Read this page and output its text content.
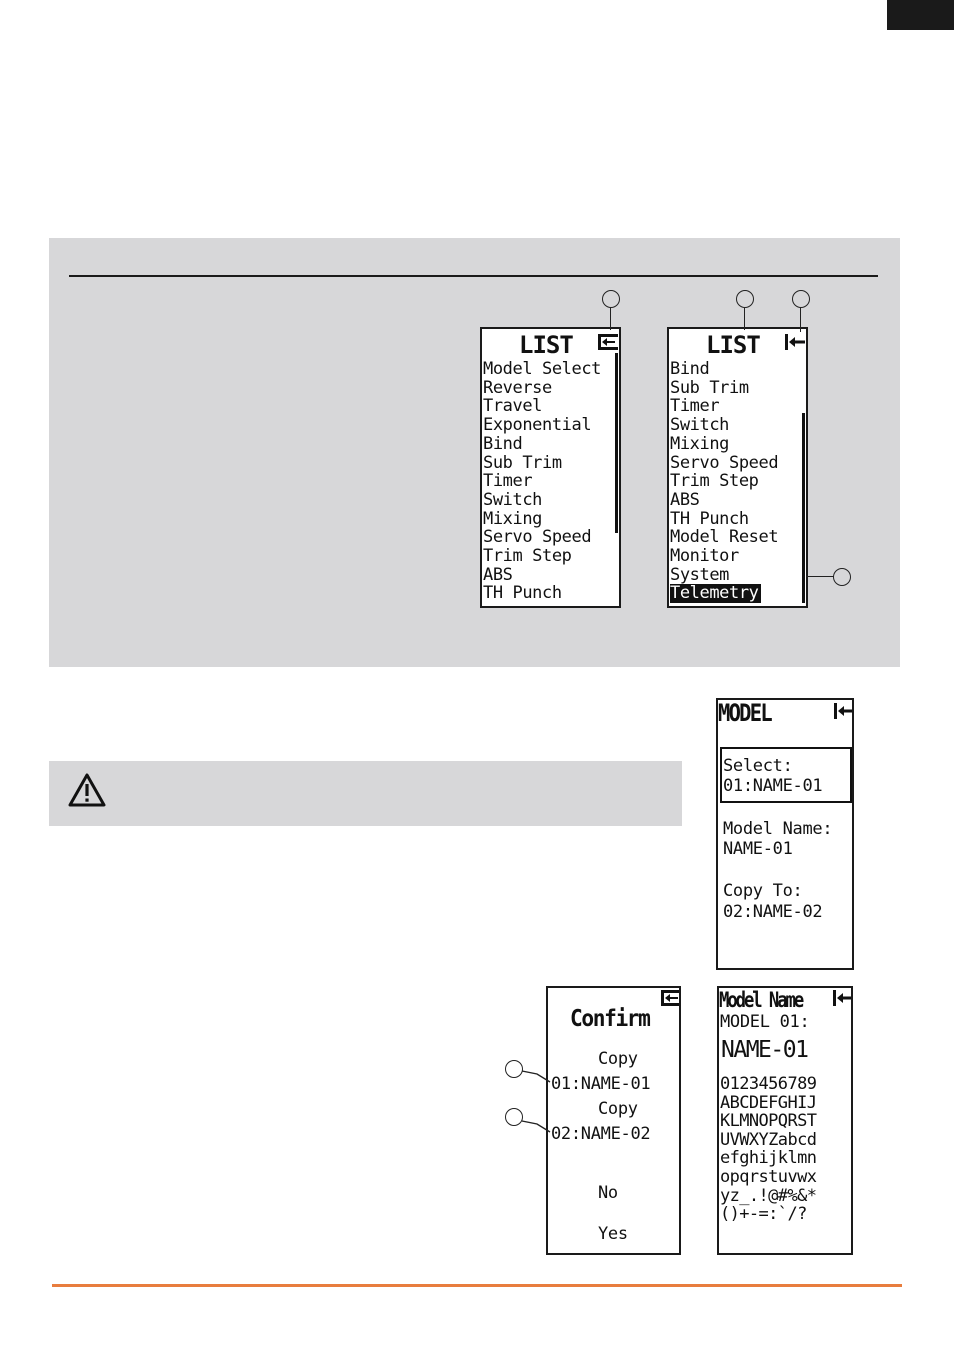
LIST
Model Select
Reverse
Travel
Exponential
Bind
Sub Trim
Timer
Switch
Mixing
Servo Speed
Trim Step
ABS
TH Punch
LIST
Bind
Sub Trim
Timer
Switch
Mixing
Servo Speed
Trim Step
ABS
TH Punch
Model Reset
Monitor
System
Telemetry
MODEL
Select:
01:NAME-01
Model Name:
NAME-01
Copy To:
02:NAME-02
Confirm
Copy
01:NAME-01
Copy
02:NAME-02
No
Yes
Model Name
MODEL 01:
NAME-01
0123456789
ABCDEFGHIJ
KLMNOPQRST
UVWXYZabcd
efghijklmn
opqrstuvwx
yz_.!@#%&*
()+-=:`/?
